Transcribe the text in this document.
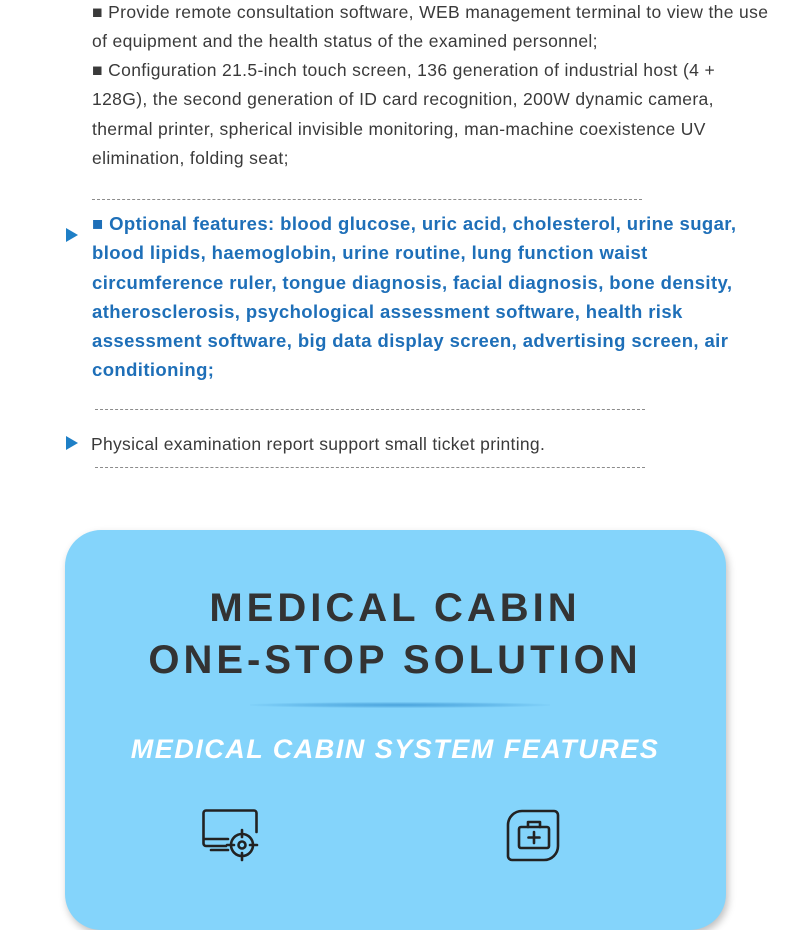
■ Provide remote consultation software, WEB management terminal to view the use of equipment and the health status of the examined personnel;
■ Configuration 21.5-inch touch screen, 136 generation of industrial host (4 + 128G), the second generation of ID card recognition, 200W dynamic camera, thermal printer, spherical invisible monitoring, man-machine coexistence UV elimination, folding seat;
■ Optional features: blood glucose, uric acid, cholesterol, urine sugar, blood lipids, haemoglobin, urine routine, lung function waist circumference ruler, tongue diagnosis, facial diagnosis, bone density, atherosclerosis, psychological assessment software, health risk assessment software, big data display screen, advertising screen, air conditioning;
Physical examination report support small ticket printing.
MEDICAL CABIN
ONE-STOP SOLUTION
MEDICAL CABIN SYSTEM FEATURES
